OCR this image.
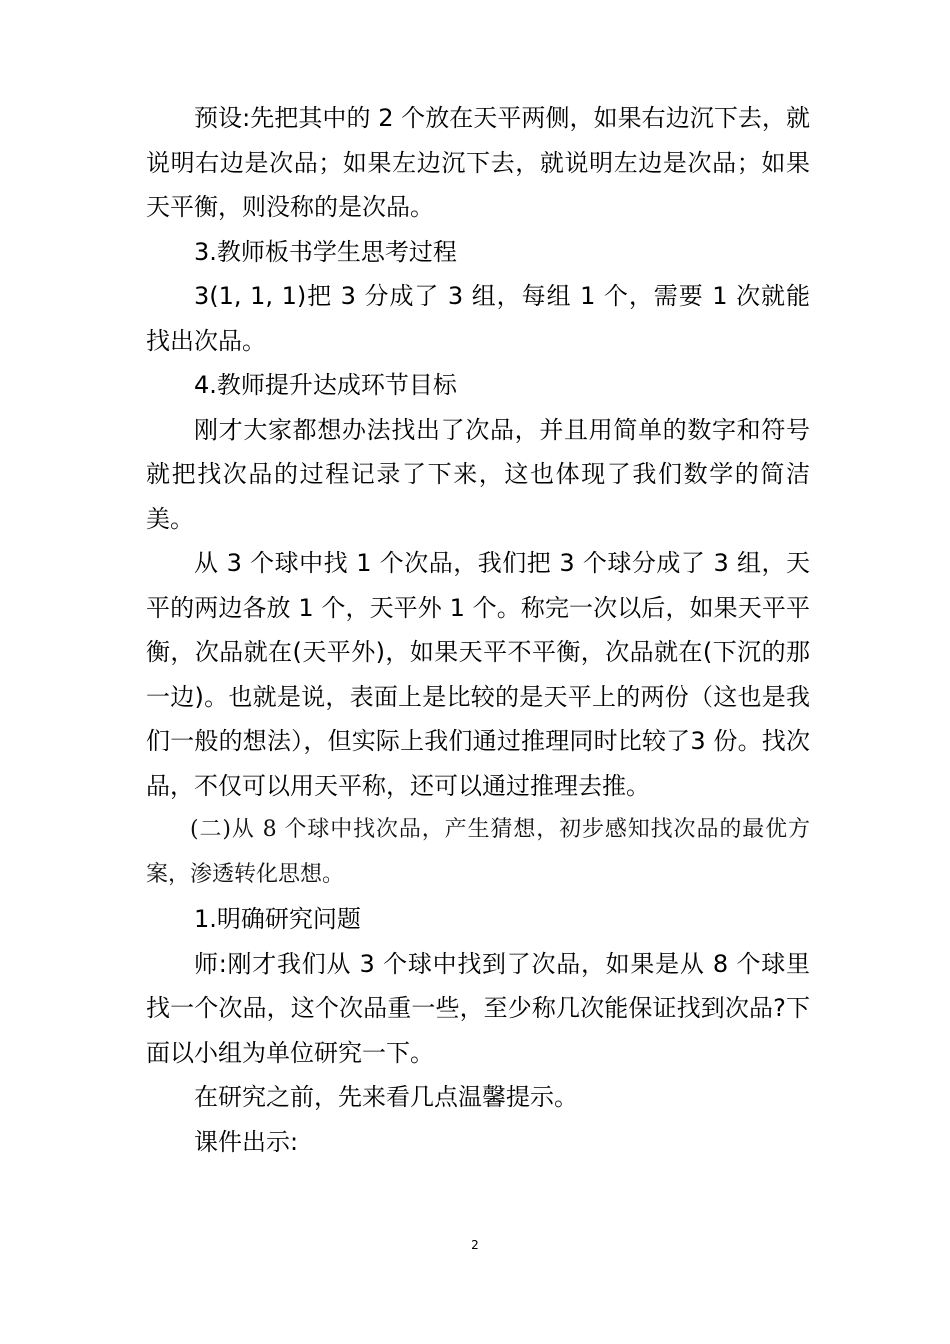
预设:先把其中的 2 个放在天平两侧，如果右边沉下去，就说明右边是次品；如果左边沉下去，就说明左边是次品；如果天平衡，则没称的是次品。

3.教师板书学生思考过程

3(1, 1, 1)把 3 分成了 3 组，每组 1 个，需要 1 次就能找出次品。

4.教师提升达成环节目标

刚才大家都想办法找出了次品，并且用简单的数字和符号就把找次品的过程记录了下来，这也体现了我们数学的简洁美。

从 3 个球中找 1 个次品，我们把 3 个球分成了 3 组，天平的两边各放 1 个，天平外 1 个。称完一次以后，如果天平平衡，次品就在(天平外)，如果天平不平衡，次品就在(下沉的那一边)。也就是说，表面上是比较的是天平上的两份（这也是我们一般的想法），但实际上我们通过推理同时比较了3 份。找次品，不仅可以用天平称，还可以通过推理去推。

(二)从 8 个球中找次品，产生猜想，初步感知找次品的最优方案，渗透转化思想。

1.明确研究问题

师:刚才我们从 3 个球中找到了次品，如果是从 8 个球里找一个次品，这个次品重一些，至少称几次能保证找到次品?下面以小组为单位研究一下。

在研究之前，先来看几点温馨提示。

课件出示:

2
